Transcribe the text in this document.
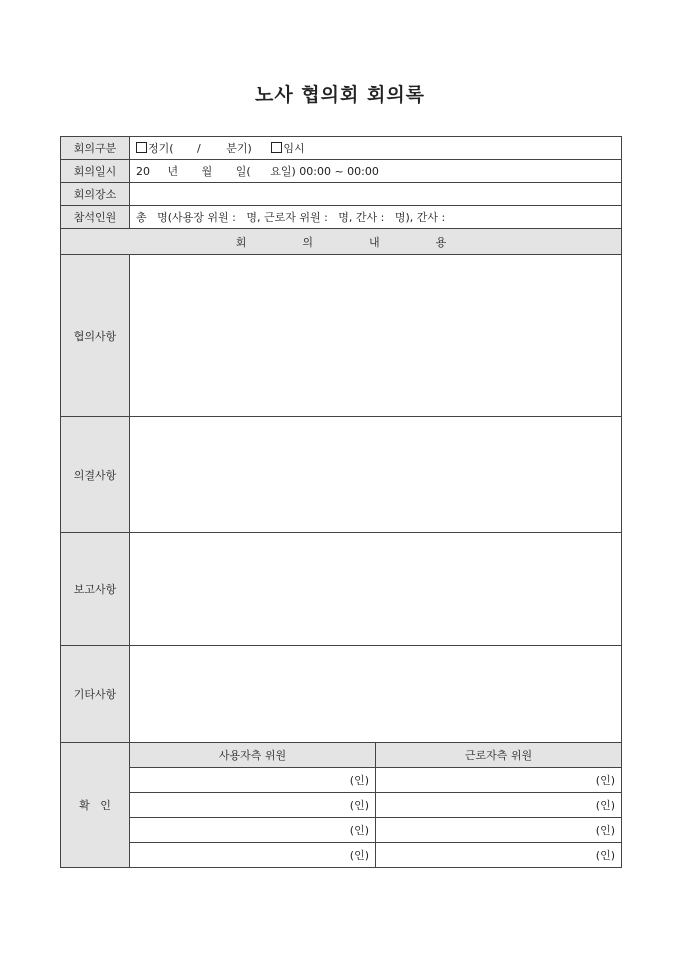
노사 협의회 회의록
회의구분	정기( / 분기) 임시	
회의일시	20 년 월 일( 요일) 00:00 ~ 00:00	
회의장소		
참석인원	총   명(사용장 위원 :   명, 근로자 위원 :   명, 간사 :   명), 간사 :	
회 의 내 용		
협의사항		
의결사항		
보고사항		
기타사항		
확   인	사용자측 위원	근로자측 위원
	(인)	(인)
	(인)	(인)
	(인)	(인)
	(인)	(인)
